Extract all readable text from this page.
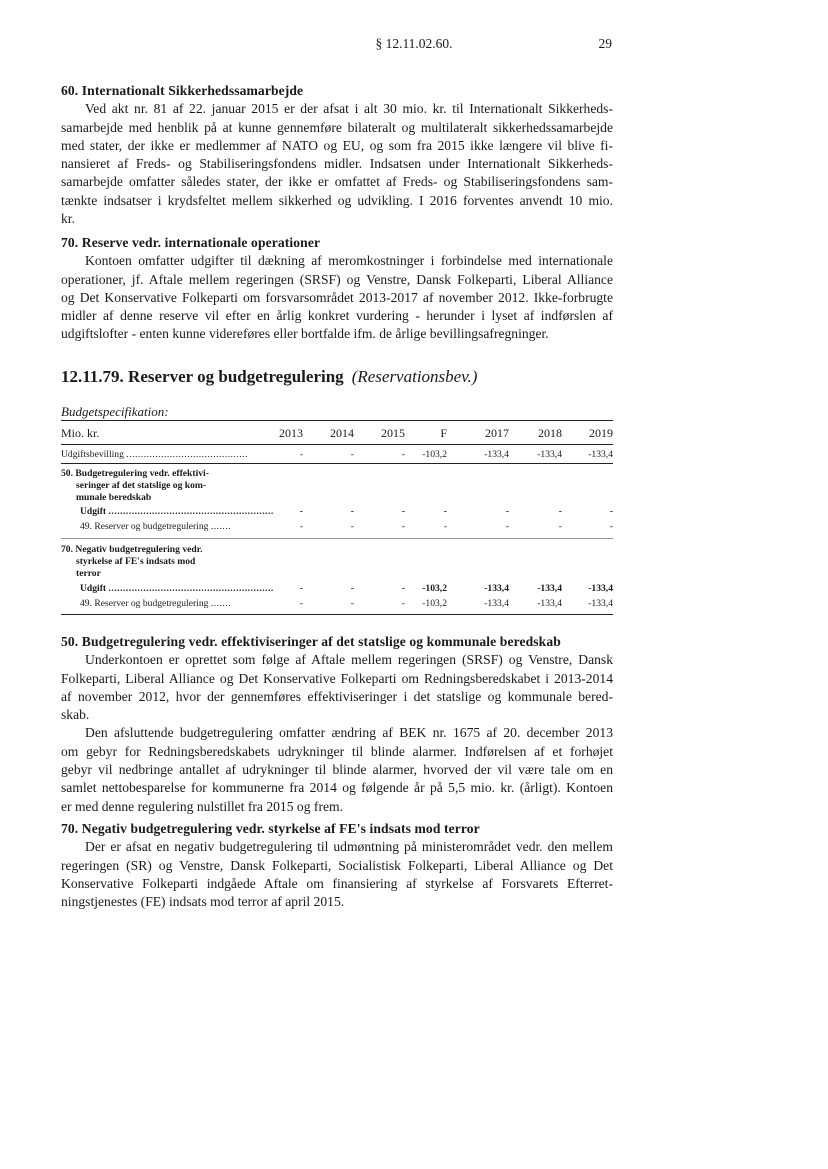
§ 12.11.02.60.	29
60. Internationalt Sikkerhedssamarbejde
Ved akt nr. 81 af 22. januar 2015 er der afsat i alt 30 mio. kr. til Internationalt Sikkerheds-
samarbejde med henblik på at kunne gennemføre bilateralt og multilateralt sikkerhedssamarbejde
med stater, der ikke er medlemmer af NATO og EU, og som fra 2015 ikke længere vil blive fi-
nansieret af Freds- og Stabiliseringsfondens midler. Indsatsen under Internationalt Sikkerheds-
samarbejde omfatter således stater, der ikke er omfattet af Freds- og Stabiliseringsfondens sam-
tænkte indsatser i krydsfeltet mellem sikkerhed og udvikling. I 2016 forventes anvendt 10 mio.
kr.
70. Reserve vedr. internationale operationer
Kontoen omfatter udgifter til dækning af meromkostninger i forbindelse med internationale
operationer, jf. Aftale mellem regeringen (SRSF) og Venstre, Dansk Folkeparti, Liberal Alliance
og Det Konservative Folkeparti om forsvarsområdet 2013-2017 af november 2012. Ikke-forbrugte
midler af denne reserve vil efter en årlig konkret vurdering - herunder i lyset af indførslen af
udgiftslofter - enten kunne videreføres eller bortfalde ifm. de årlige bevillingsafregninger.
12.11.79. Reserver og budgetregulering (Reservationsbev.)
Budgetspecifikation:
Mio. kr.	2013 2014 2015	F	2017 2018 2019
Udgiftsbevilling ..........................................	-	-	- -103,2	-133,4	-133,4	-133,4
50. Budgetregulering vedr. effektivi-
seringer af det statslige og kom-
munale beredskab
Udgift .........................................................	-	-	-	-	-	-	-
49. Reserver og budgetregulering .......	-	-	-	-	-	-	-
70. Negativ budgetregulering vedr.
styrkelse af FE's indsats mod
terror
Udgift .........................................................	-	-	- -103,2	-133,4	-133,4	-133,4
49. Reserver og budgetregulering .......	-	-	- -103,2	-133,4	-133,4	-133,4
50. Budgetregulering vedr. effektiviseringer af det statslige og kommunale beredskab
Underkontoen er oprettet som følge af Aftale mellem regeringen (SRSF) og Venstre, Dansk
Folkeparti, Liberal Alliance og Det Konservative Folkeparti om Redningsberedskabet i 2013-2014
af november 2012, hvor der gennemføres effektiviseringer i det statslige og kommunale bered-
skab.
Den afsluttende budgetregulering omfatter ændring af BEK nr. 1675 af 20. december 2013
om gebyr for Redningsberedskabets udrykninger til blinde alarmer. Indførelsen af et forhøjet
gebyr vil nedbringe antallet af udrykninger til blinde alarmer, hvorved der vil være tale om en
samlet nettobesparelse for kommunerne fra 2014 og følgende år på 5,5 mio. kr. (årligt). Kontoen
er med denne regulering nulstillet fra 2015 og frem.
70. Negativ budgetregulering vedr. styrkelse af FE's indsats mod terror
Der er afsat en negativ budgetregulering til udmøntning på ministerområdet vedr. den mellem
regeringen (SR) og Venstre, Dansk Folkeparti, Socialistisk Folkeparti, Liberal Alliance og Det
Konservative Folkeparti indgåede Aftale om finansiering af styrkelse af Forsvarets Efterret-
ningstjenestes (FE) indsats mod terror af april 2015.
